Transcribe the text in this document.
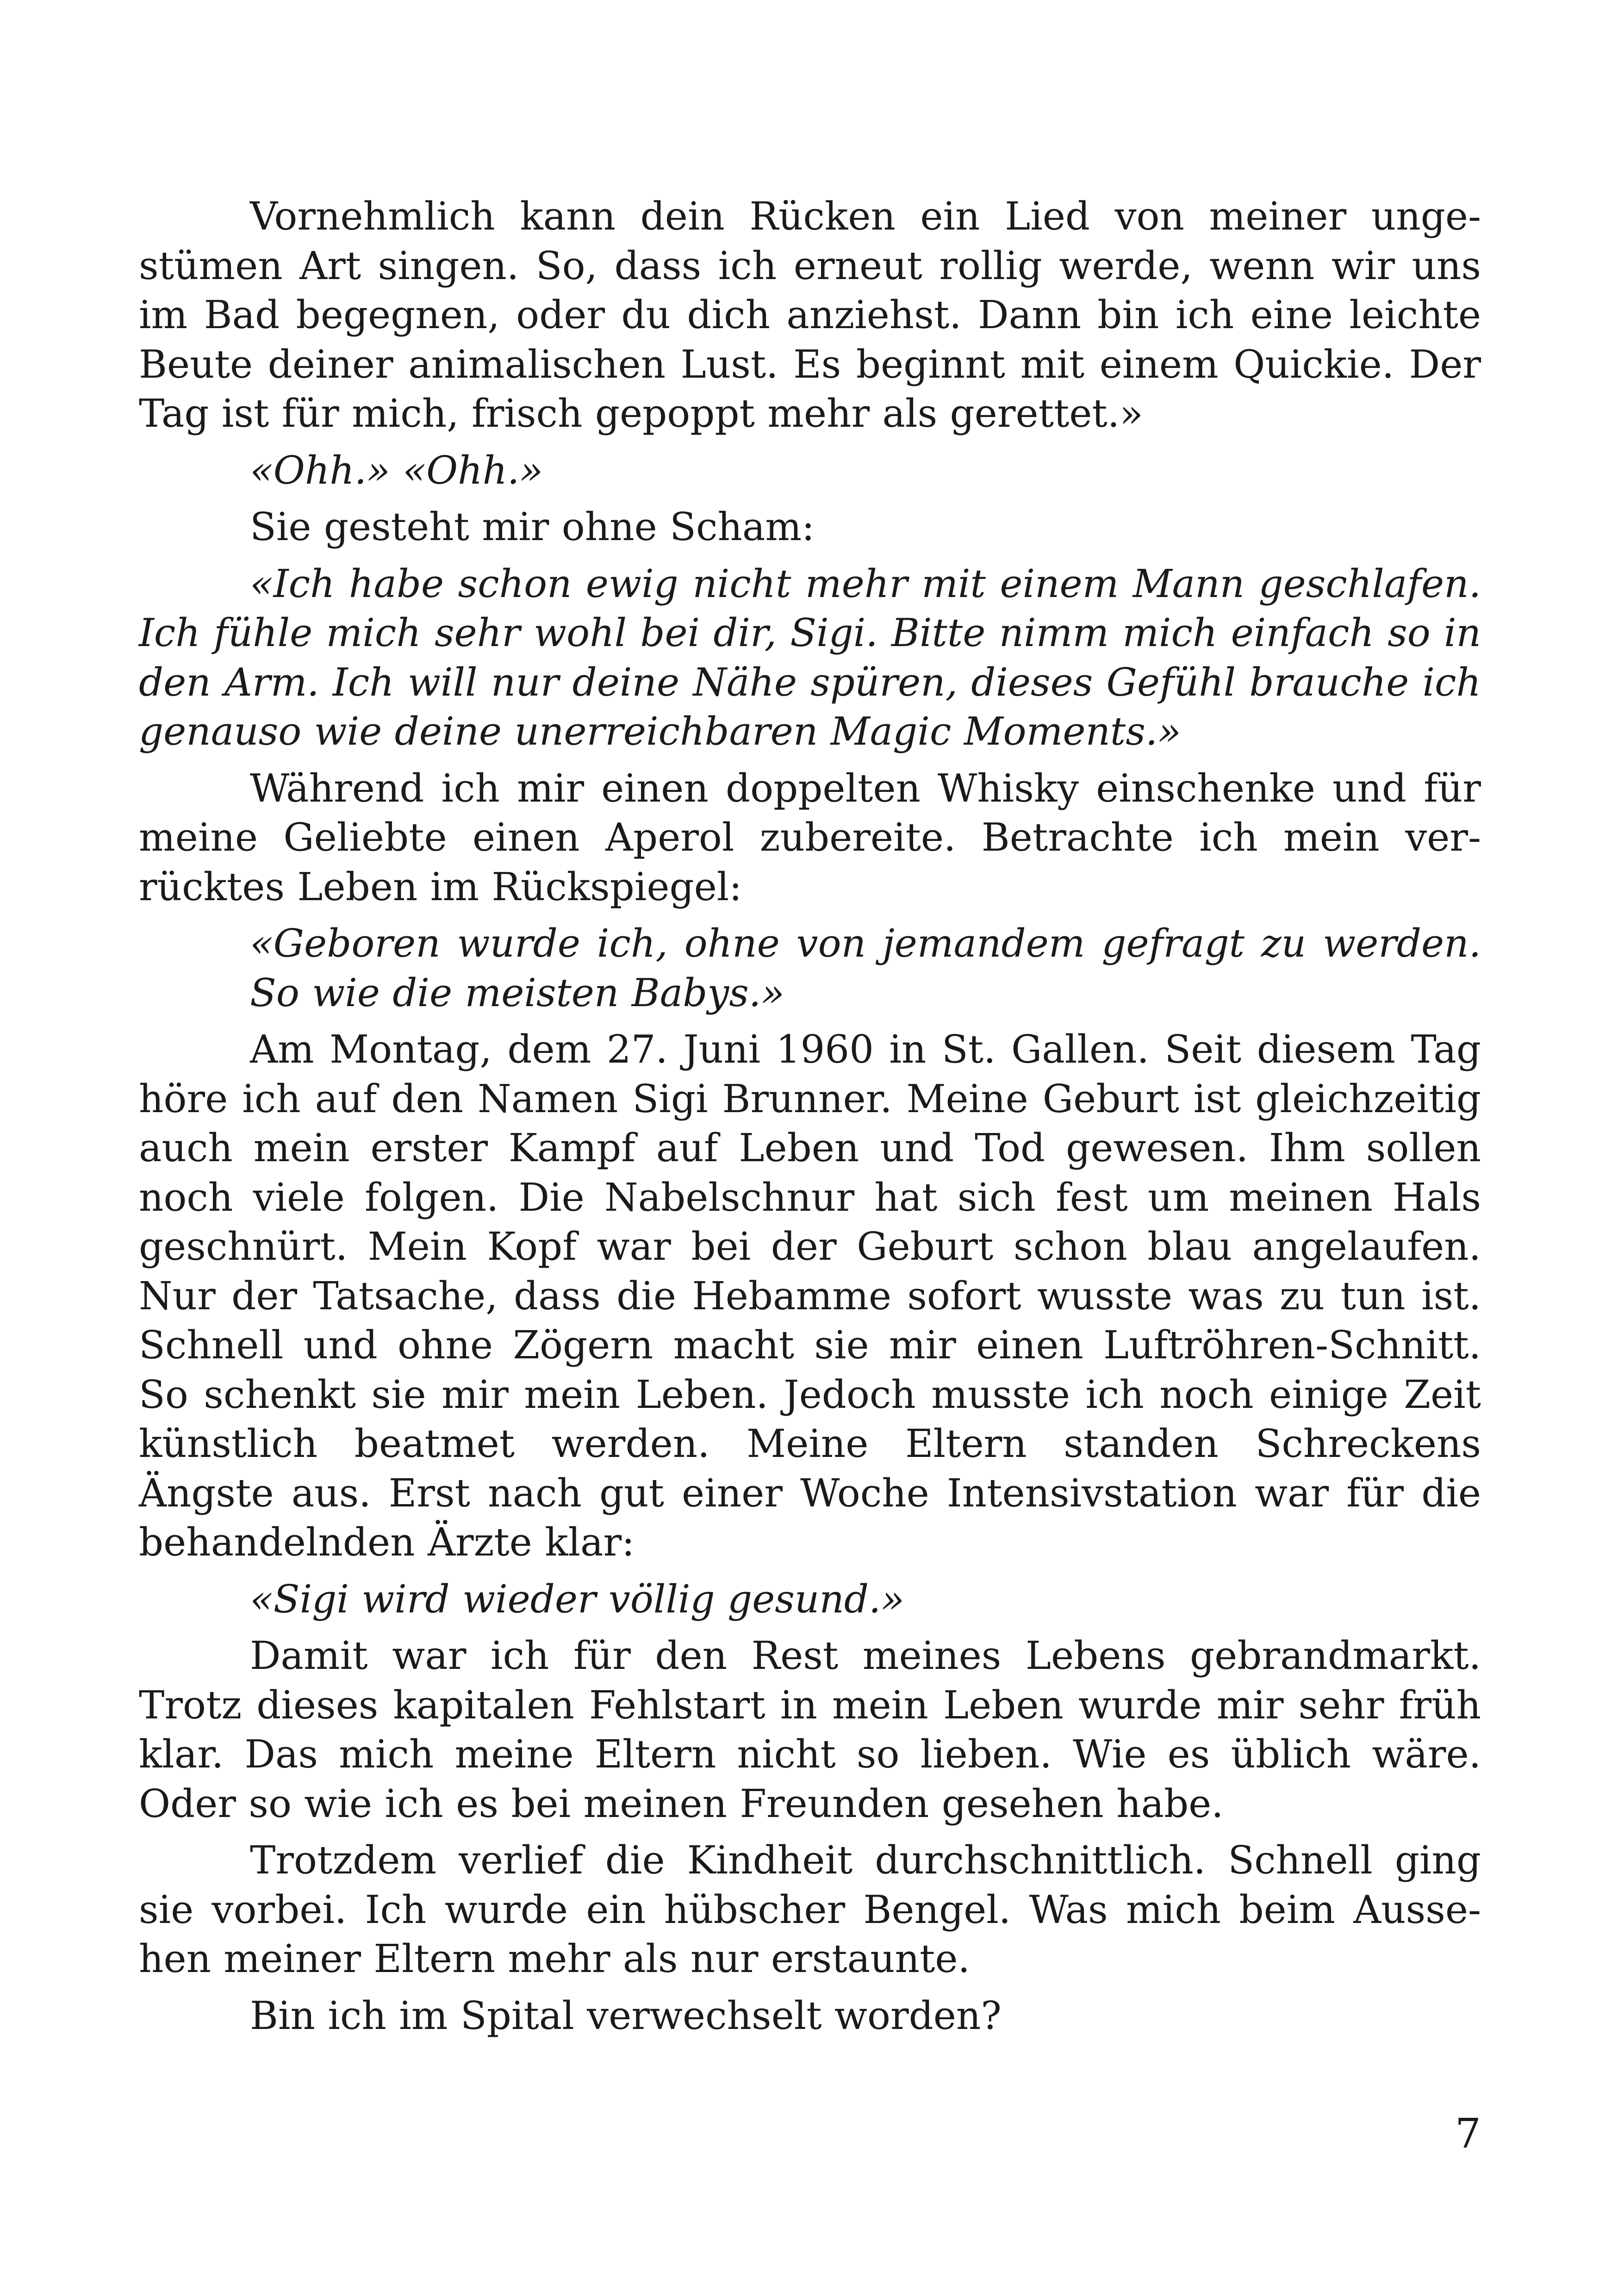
Vornehmlich kann dein Rücken ein Lied von meiner ungestümen Art singen. So, dass ich erneut rollig werde, wenn wir uns im Bad begegnen, oder du dich anziehst. Dann bin ich eine leichte Beute deiner animalischen Lust. Es beginnt mit einem Quickie. Der Tag ist für mich, frisch gepoppt mehr als gerettet.»

«Ohh.» «Ohh.»

Sie gesteht mir ohne Scham:

«Ich habe schon ewig nicht mehr mit einem Mann geschlafen. Ich fühle mich sehr wohl bei dir, Sigi. Bitte nimm mich einfach so in den Arm. Ich will nur deine Nähe spüren, dieses Gefühl brauche ich genauso wie deine unerreichbaren Magic Moments.»

Während ich mir einen doppelten Whisky einschenke und für meine Geliebte einen Aperol zubereite. Betrachte ich mein verrücktes Leben im Rückspiegel:

«Geboren wurde ich, ohne von jemandem gefragt zu werden. So wie die meisten Babys.»

Am Montag, dem 27. Juni 1960 in St. Gallen. Seit diesem Tag höre ich auf den Namen Sigi Brunner. Meine Geburt ist gleichzeitig auch mein erster Kampf auf Leben und Tod gewesen. Ihm sollen noch viele folgen. Die Nabelschnur hat sich fest um meinen Hals geschnürt. Mein Kopf war bei der Geburt schon blau angelaufen. Nur der Tatsache, dass die Hebamme sofort wusste was zu tun ist. Schnell und ohne Zögern macht sie mir einen Luftröhren-Schnitt. So schenkt sie mir mein Leben. Jedoch musste ich noch einige Zeit künstlich beatmet werden. Meine Eltern standen Schreckens Ängste aus. Erst nach gut einer Woche Intensivstation war für die behandelnden Ärzte klar:

«Sigi wird wieder völlig gesund.»

Damit war ich für den Rest meines Lebens gebrandmarkt. Trotz dieses kapitalen Fehlstart in mein Leben wurde mir sehr früh klar. Das mich meine Eltern nicht so lieben. Wie es üblich wäre. Oder so wie ich es bei meinen Freunden gesehen habe.

Trotzdem verlief die Kindheit durchschnittlich. Schnell ging sie vorbei. Ich wurde ein hübscher Bengel. Was mich beim Aussehen meiner Eltern mehr als nur erstaunte.

Bin ich im Spital verwechselt worden?

7
